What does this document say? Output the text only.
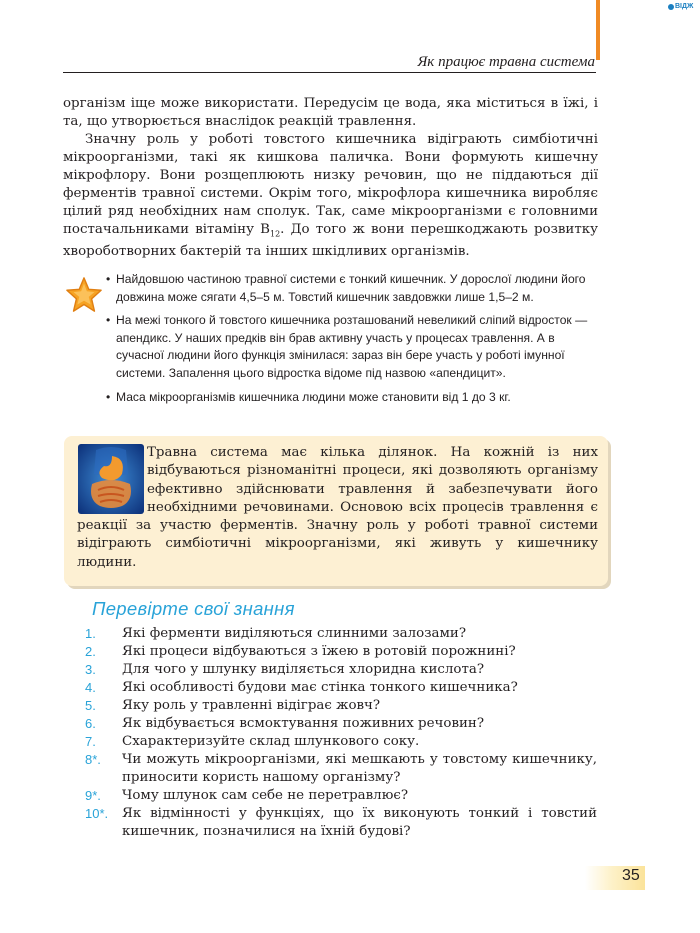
ВІДЖ
Як працює травна система

організм іще може використати. Передусім це вода, яка міститься в їжі, і та, що утворюється внаслідок реакцій травлення.

Значну роль у роботі товстого кишечника відіграють симбіотичні мікроорганізми, такі як кишкова паличка. Вони формують кишечну мікрофлору. Вони розщеплюють низку речовин, що не піддаються дії ферментів травної системи. Окрім того, мікрофлора кишечника виробляє цілий ряд необхідних нам сполук. Так, саме мікроорганізми є головними постачальниками вітаміну $В_{12}$. До того ж вони перешкоджають розвитку хвороботворних бактерій та інших шкідливих організмів.

• Найдовшою частиною травної системи є тонкий кишечник. У дорослої людини його довжина може сягати 4,5–5 м. Товстий кишечник завдовжки лише 1,5–2 м.
• На межі тонкого й товстого кишечника розташований невеликий сліпий відросток — апендикс. У наших предків він брав активну участь у процесах травлення. А в сучасної людини його функція змінилася: зараз він бере участь у роботі імунної системи. Запалення цього відростка відоме під назвою «апендицит».
• Маса мікроорганізмів кишечника людини може становити від 1 до 3 кг.

Травна система має кілька ділянок. На кожній із них відбуваються різноманітні процеси, які дозволяють організму ефективно здійснювати травлення й забезпечувати його необхідними речовинами. Основою всіх процесів травлення є реакції за участю ферментів. Значну роль у роботі травної системи відіграють симбіотичні мікроорганізми, які живуть у кишечнику людини.

Перевірте свої знання
1. Які ферменти виділяються слинними залозами?
2. Які процеси відбуваються з їжею в ротовій порожнині?
3. Для чого у шлунку виділяється хлоридна кислота?
4. Які особливості будови має стінка тонкого кишечника?
5. Яку роль у травленні відіграє жовч?
6. Як відбувається всмоктування поживних речовин?
7. Схарактеризуйте склад шлункового соку.
8*. Чи можуть мікроорганізми, які мешкають у товстому кишечнику, приносити користь нашому організму?
9*. Чому шлунок сам себе не перетравлює?
10*. Як відмінності у функціях, що їх виконують тонкий і товстий кишечник, позначилися на їхній будові?
35
